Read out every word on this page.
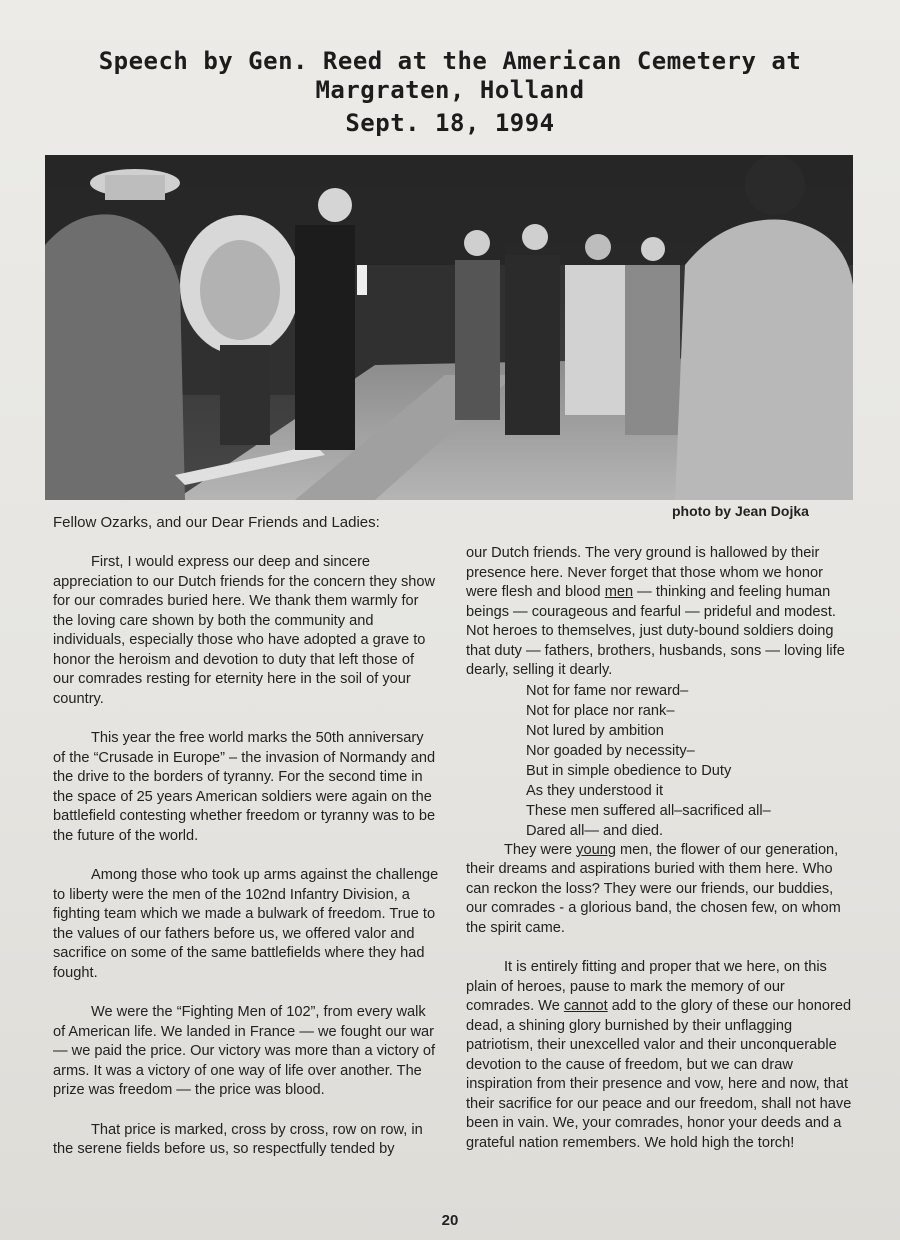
Speech by Gen. Reed at the American Cemetery at
Margraten, Holland
Sept. 18, 1994
photo by Jean Dojka
Fellow Ozarks, and our Dear Friends and Ladies:

First, I would express our deep and sincere appreciation to our Dutch friends for the concern they show for our comrades buried here. We thank them warmly for the loving care shown by both the community and individuals, especially those who have adopted a grave to honor the heroism and devotion to duty that left those of our comrades resting for eternity here in the soil of your country.

This year the free world marks the 50th anniversary of the “Crusade in Europe” – the invasion of Normandy and the drive to the borders of tyranny. For the second time in the space of 25 years American soldiers were again on the battlefield contesting whether freedom or tyranny was to be the future of the world.

Among those who took up arms against the challenge to liberty were the men of the 102nd Infantry Division, a fighting team which we made a bulwark of freedom. True to the values of our fathers before us, we offered valor and sacrifice on some of the same battlefields where they had fought.

We were the “Fighting Men of 102”, from every walk of American life. We landed in France — we fought our war — we paid the price. Our victory was more than a victory of arms. It was a victory of one way of life over another. The prize was freedom — the price was blood.

That price is marked, cross by cross, row on row, in the serene fields before us, so respectfully tended by

our Dutch friends. The very ground is hallowed by their presence here. Never forget that those whom we honor were flesh and blood men — thinking and feeling human beings — courageous and fearful — prideful and modest. Not heroes to themselves, just duty-bound soldiers doing that duty — fathers, brothers, husbands, sons — loving life dearly, selling it dearly.

Not for fame nor reward–
Not for place nor rank–
Not lured by ambition
Nor goaded by necessity–
But in simple obedience to Duty
As they understood it
These men suffered all–sacrificed all–
Dared all— and died.

They were young men, the flower of our generation, their dreams and aspirations buried with them here. Who can reckon the loss? They were our friends, our buddies, our comrades - a glorious band, the chosen few, on whom the spirit came.

It is entirely fitting and proper that we here, on this plain of heroes, pause to mark the memory of our comrades. We cannot add to the glory of these our honored dead, a shining glory burnished by their unflagging patriotism, their unexcelled valor and their unconquerable devotion to the cause of freedom, but we can draw inspiration from their presence and vow, here and now, that their sacrifice for our peace and our freedom, shall not have been in vain. We, your comrades, honor your deeds and a grateful nation remembers. We hold high the torch!

20
